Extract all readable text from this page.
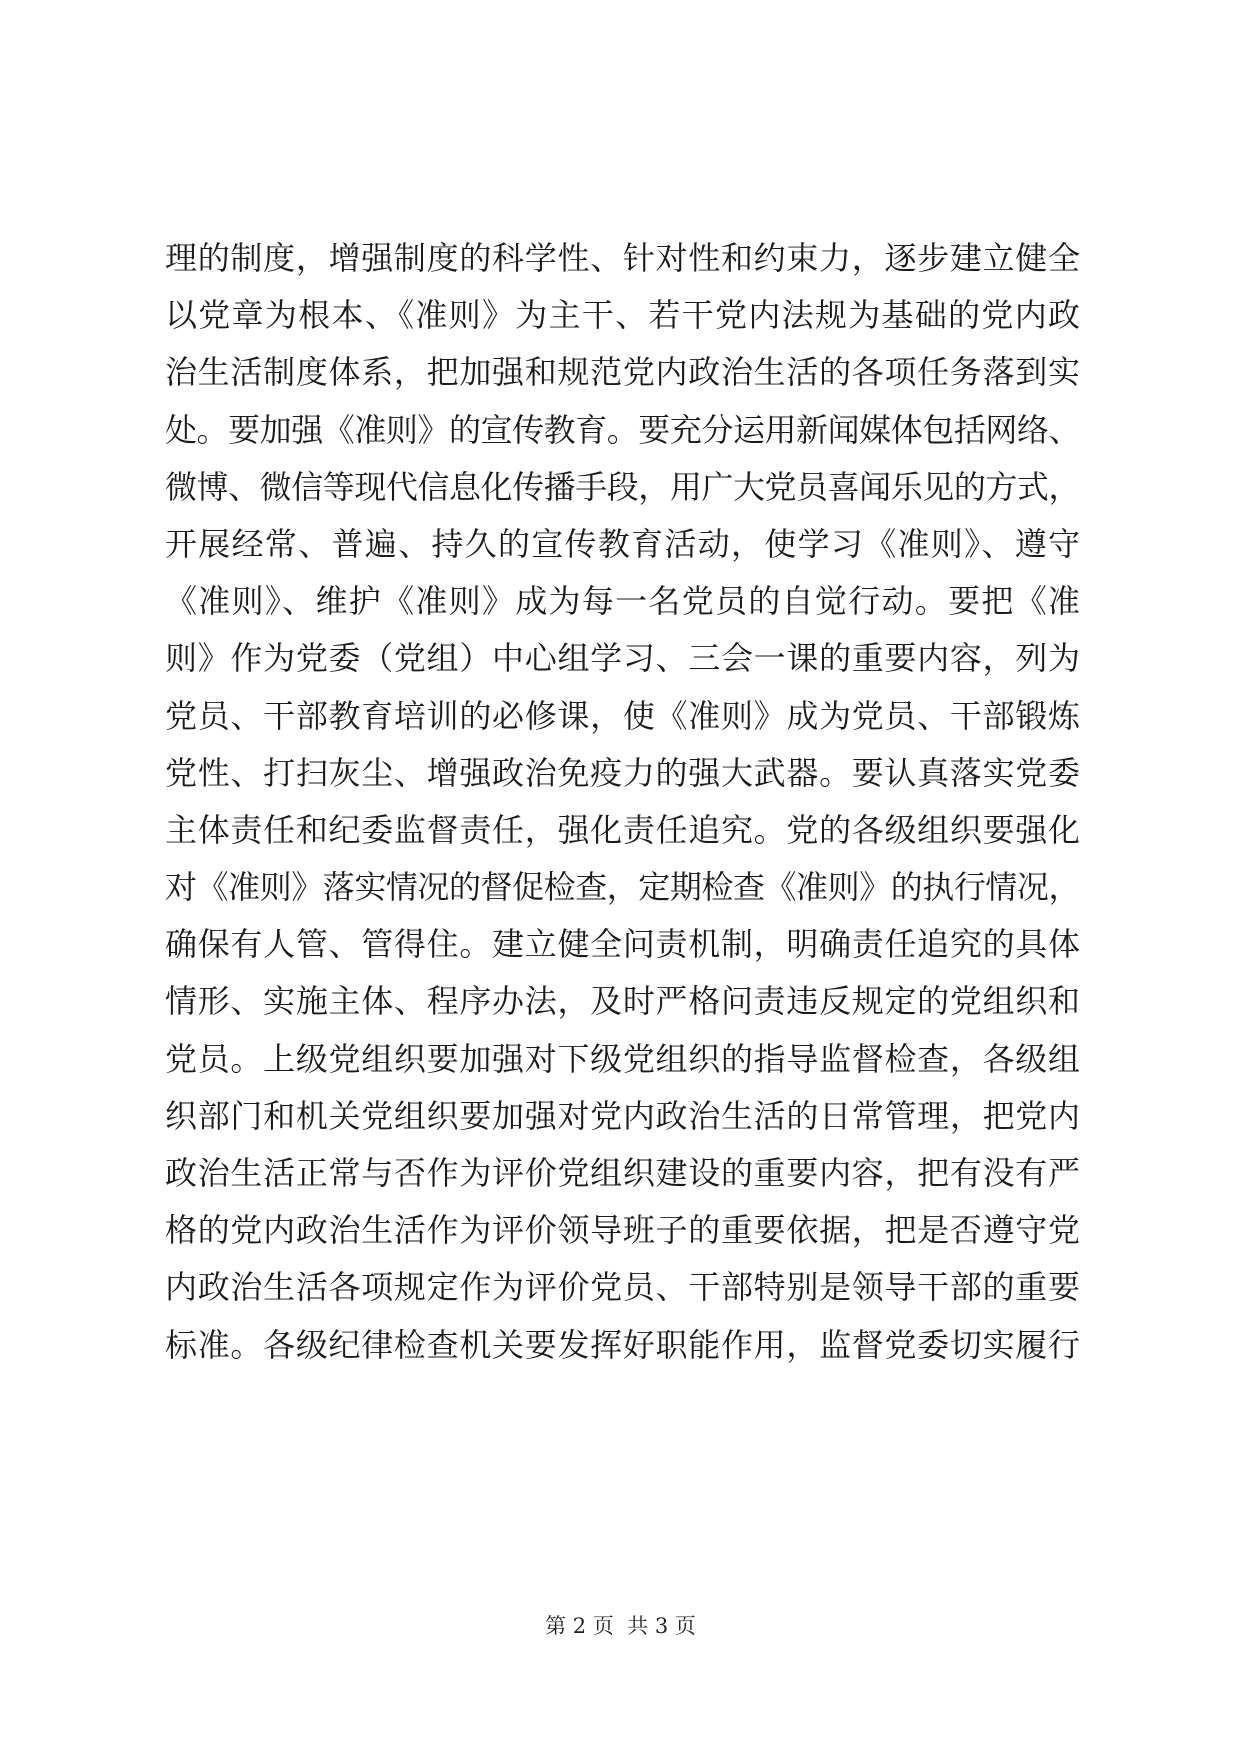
理的制度，增强制度的科学性、针对性和约束力，逐步建立健全
以党章为根本、《准则》为主干、若干党内法规为基础的党内政
治生活制度体系，把加强和规范党内政治生活的各项任务落到实
处。要加强《准则》的宣传教育。要充分运用新闻媒体包括网络、
微博、微信等现代信息化传播手段，用广大党员喜闻乐见的方式，
开展经常、普遍、持久的宣传教育活动，使学习《准则》、遵守
《准则》、维护《准则》成为每一名党员的自觉行动。要把《准
则》作为党委（党组）中心组学习、三会一课的重要内容，列为
党员、干部教育培训的必修课，使《准则》成为党员、干部锻炼
党性、打扫灰尘、增强政治免疫力的强大武器。要认真落实党委
主体责任和纪委监督责任，强化责任追究。党的各级组织要强化
对《准则》落实情况的督促检查，定期检查《准则》的执行情况，
确保有人管、管得住。建立健全问责机制，明确责任追究的具体
情形、实施主体、程序办法，及时严格问责违反规定的党组织和
党员。上级党组织要加强对下级党组织的指导监督检查，各级组
织部门和机关党组织要加强对党内政治生活的日常管理，把党内
政治生活正常与否作为评价党组织建设的重要内容，把有没有严
格的党内政治生活作为评价领导班子的重要依据，把是否遵守党
内政治生活各项规定作为评价党员、干部特别是领导干部的重要
标准。各级纪律检查机关要发挥好职能作用，监督党委切实履行
第 2 页  共 3 页
